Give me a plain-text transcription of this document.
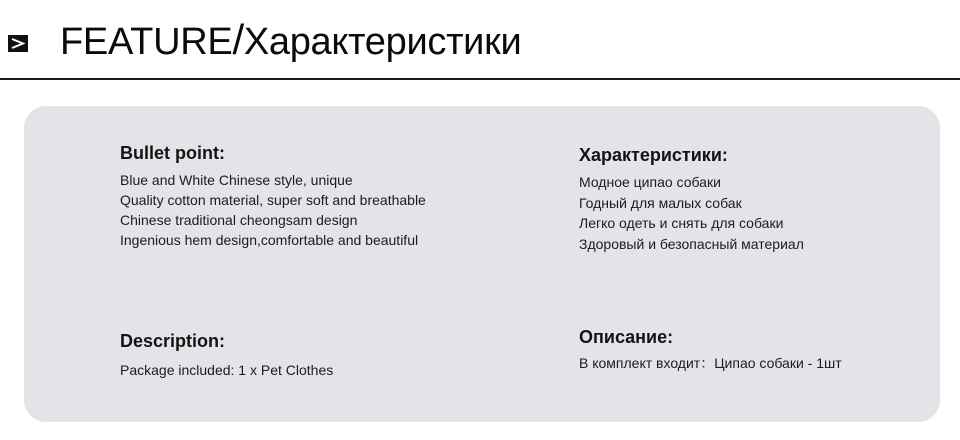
FEATURE/Характеристики
Bullet point:
Blue and White Chinese style, unique
Quality cotton material, super soft and breathable
Chinese traditional cheongsam design
Ingenious hem design,comfortable and beautiful
Характеристики:
Модное ципао собаки
Годный для малых собак
Легко одеть и снять для собаки
Здоровый и безопасный материал
Description:

Package included: 1 x Pet Clothes

Описание:

В комплект входит：Ципао собаки - 1шт
